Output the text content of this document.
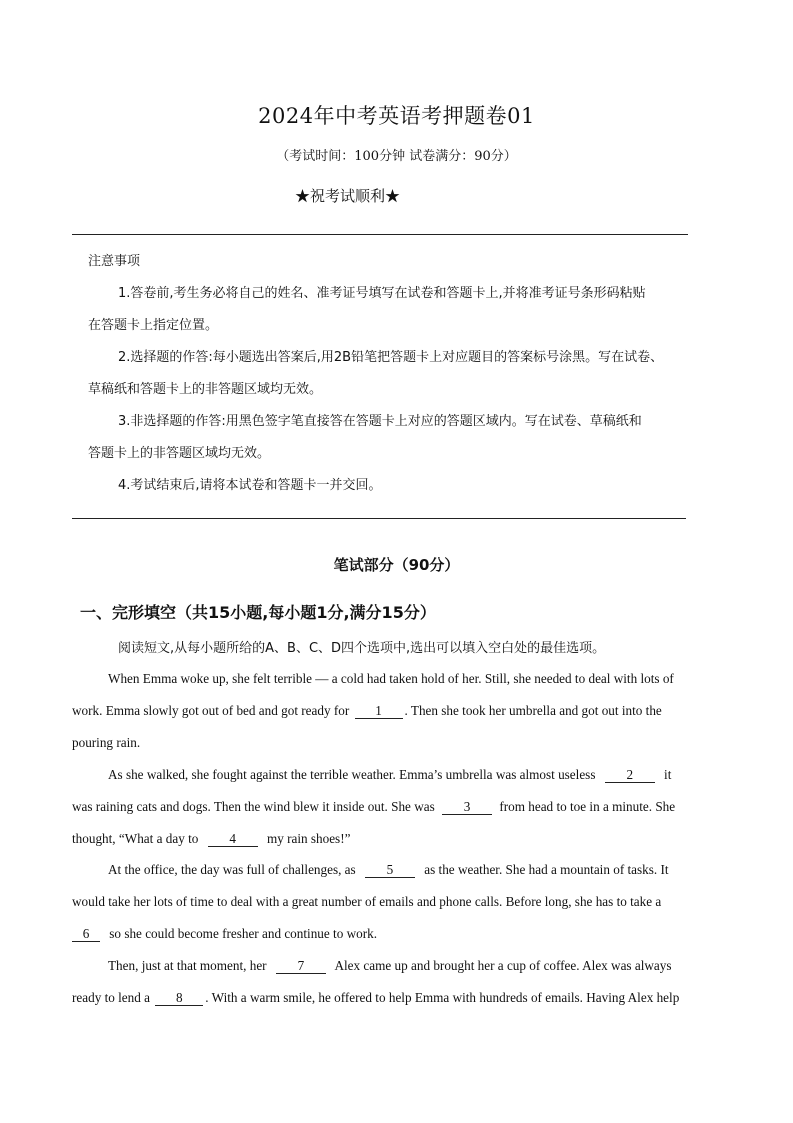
2024年中考英语考押题卷01
（考试时间：100分钟 试卷满分：90分）
★祝考试顺利★
注意事项
1.答卷前,考生务必将自己的姓名、准考证号填写在试卷和答题卡上,并将准考证号条形码粘贴
在答题卡上指定位置。
2.选择题的作答:每小题选出答案后,用2B铅笔把答题卡上对应题目的答案标号涂黑。写在试卷、
草稿纸和答题卡上的非答题区域均无效。
3.非选择题的作答:用黑色签字笔直接答在答题卡上对应的答题区域内。写在试卷、草稿纸和
答题卡上的非答题区域均无效。
4.考试结束后,请将本试卷和答题卡一并交回。
笔试部分（90分）
一、完形填空（共15小题,每小题1分,满分15分）
阅读短文,从每小题所给的A、B、C、D四个选项中,选出可以填入空白处的最佳选项。
When Emma woke up, she felt terrible — a cold had taken hold of her. Still, she needed to deal with lots of
work. Emma slowly got out of bed and got ready for 1 . Then she took her umbrella and got out into the
pouring rain.
As she walked, she fought against the terrible weather. Emma’s umbrella was almost useless 2 it
was raining cats and dogs. Then the wind blew it inside out. She was 3 from head to toe in a minute. She
thought, “What a day to 4 my rain shoes!”
At the office, the day was full of challenges, as 5 as the weather. She had a mountain of tasks. It
would take her lots of time to deal with a great number of emails and phone calls. Before long, she has to take a
6 so she could become fresher and continue to work.
Then, just at that moment, her 7 Alex came up and brought her a cup of coffee. Alex was always
ready to lend a 8 . With a warm smile, he offered to help Emma with hundreds of emails. Having Alex help
